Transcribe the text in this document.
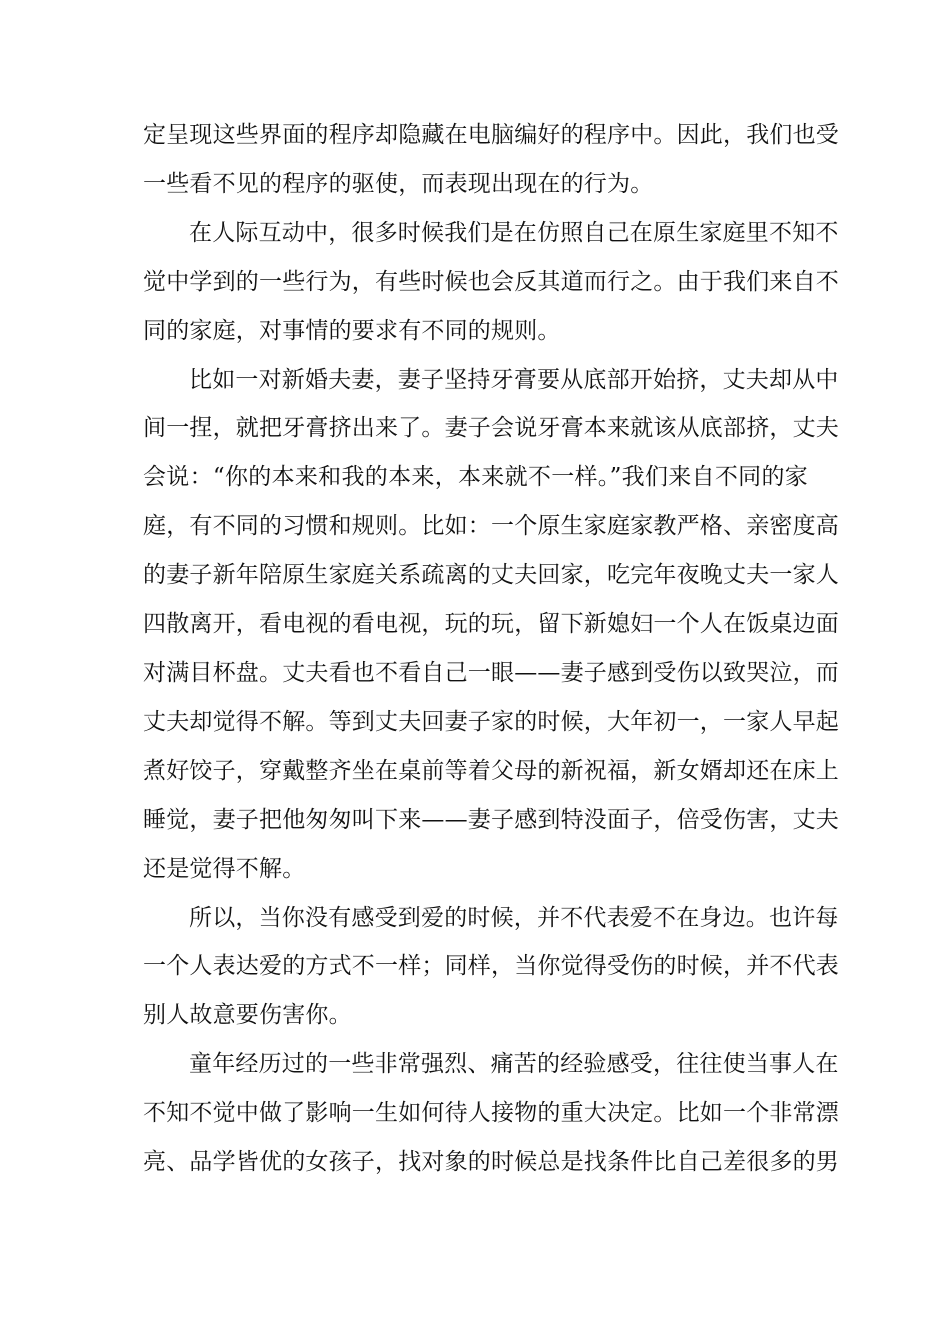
定呈现这些界面的程序却隐藏在电脑编好的程序中。因此，我们也受
一些看不见的程序的驱使，而表现出现在的行为。

在人际互动中，很多时候我们是在仿照自己在原生家庭里不知不
觉中学到的一些行为，有些时候也会反其道而行之。由于我们来自不
同的家庭，对事情的要求有不同的规则。

比如一对新婚夫妻，妻子坚持牙膏要从底部开始挤，丈夫却从中
间一捏，就把牙膏挤出来了。妻子会说牙膏本来就该从底部挤，丈夫
会说：“你的本来和我的本来，本来就不一样。”我们来自不同的家
庭，有不同的习惯和规则。比如：一个原生家庭家教严格、亲密度高
的妻子新年陪原生家庭关系疏离的丈夫回家，吃完年夜晚丈夫一家人
四散离开，看电视的看电视，玩的玩，留下新媳妇一个人在饭桌边面
对满目杯盘。丈夫看也不看自己一眼——妻子感到受伤以致哭泣，而
丈夫却觉得不解。等到丈夫回妻子家的时候，大年初一，一家人早起
煮好饺子，穿戴整齐坐在桌前等着父母的新祝福，新女婿却还在床上
睡觉，妻子把他匆匆叫下来——妻子感到特没面子，倍受伤害，丈夫
还是觉得不解。

所以，当你没有感受到爱的时候，并不代表爱不在身边。也许每
一个人表达爱的方式不一样；同样，当你觉得受伤的时候，并不代表
别人故意要伤害你。

童年经历过的一些非常强烈、痛苦的经验感受，往往使当事人在
不知不觉中做了影响一生如何待人接物的重大决定。比如一个非常漂
亮、品学皆优的女孩子，找对象的时候总是找条件比自己差很多的男
